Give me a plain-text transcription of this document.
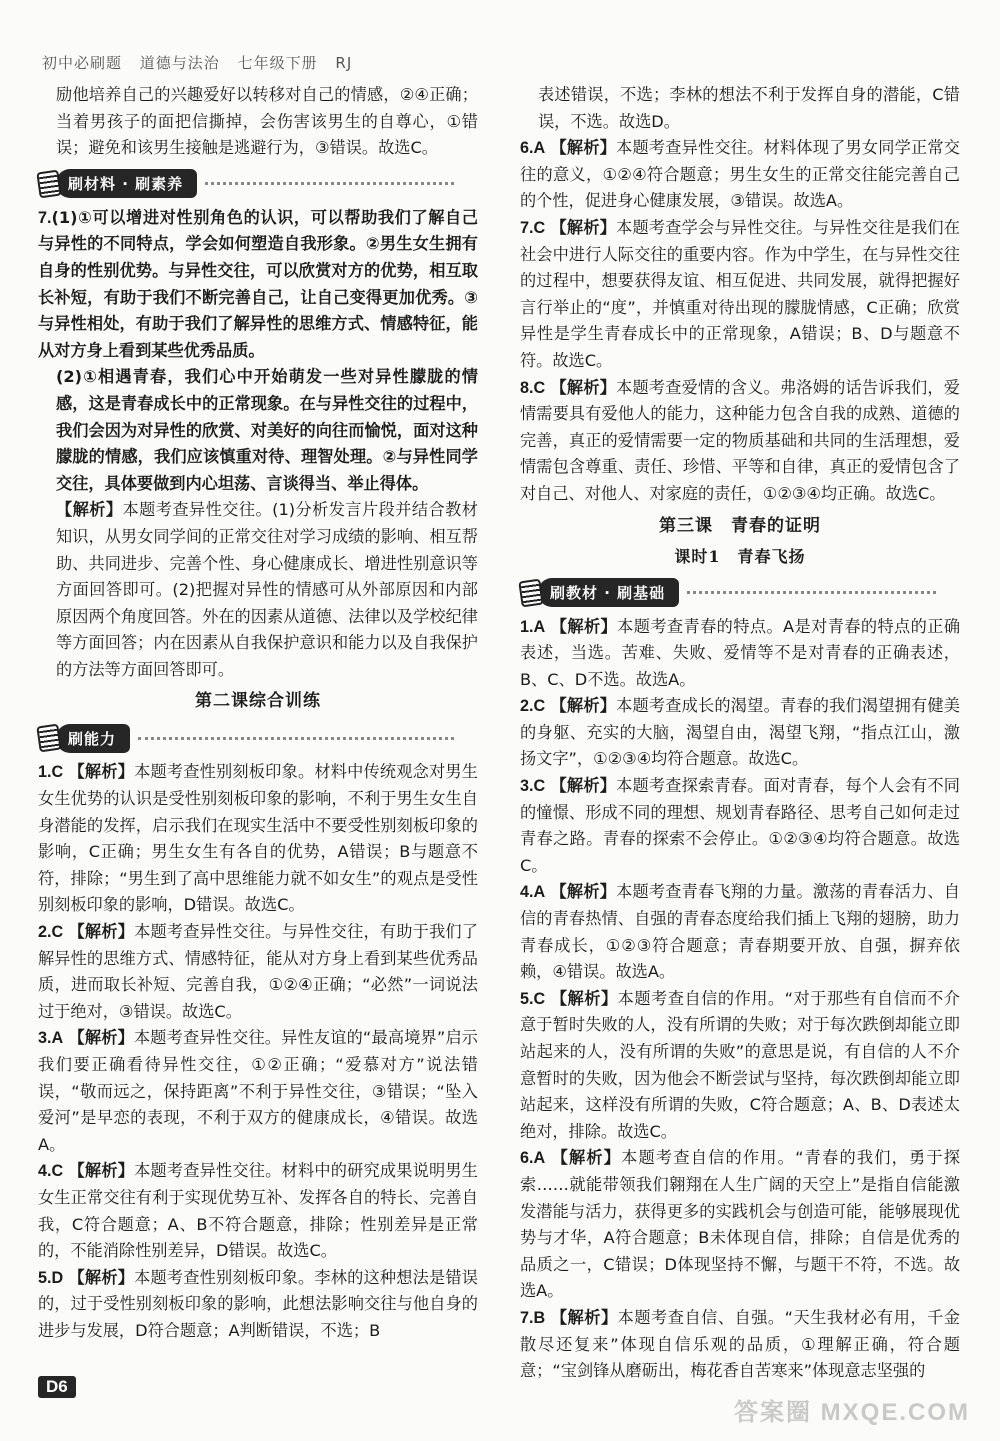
初中必刷题 道德与法治 七年级下册 RJ

励他培养自己的兴趣爱好以转移对自己的情感，②④正确；当着男孩子的面把信撕掉，会伤害该男生的自尊心，①错误；避免和该男生接触是逃避行为，③错误。故选C。

刷材料 · 刷素养

7.(1)①可以增进对性别角色的认识，可以帮助我们了解自己与异性的不同特点，学会如何塑造自我形象。②男生女生拥有自身的性别优势。与异性交往，可以欣赏对方的优势，相互取长补短，有助于我们不断完善自己，让自己变得更加优秀。③与异性相处，有助于我们了解异性的思维方式、情感特征，能从对方身上看到某些优秀品质。

(2)①相遇青春，我们心中开始萌发一些对异性朦胧的情感，这是青春成长中的正常现象。在与异性交往的过程中，我们会因为对异性的欣赏、对美好的向往而愉悦，面对这种朦胧的情感，我们应该慎重对待、理智处理。②与异性同学交往，具体要做到内心坦荡、言谈得当、举止得体。

【解析】本题考查异性交往。(1)分析发言片段并结合教材知识，从男女同学间的正常交往对学习成绩的影响、相互帮助、共同进步、完善个性、身心健康成长、增进性别意识等方面回答即可。(2)把握对异性的情感可从外部原因和内部原因两个角度回答。外在的因素从道德、法律以及学校纪律等方面回答；内在因素从自我保护意识和能力以及自我保护的方法等方面回答即可。

第二课综合训练
刷能力

1.C 【解析】本题考查性别刻板印象。材料中传统观念对男生女生优势的认识是受性别刻板印象的影响，不利于男生女生自身潜能的发挥，启示我们在现实生活中不要受性别刻板印象的影响，C正确；男生女生有各自的优势，A错误；B与题意不符，排除；“男生到了高中思维能力就不如女生”的观点是受性别刻板印象的影响，D错误。故选C。

2.C 【解析】本题考查异性交往。与异性交往，有助于我们了解异性的思维方式、情感特征，能从对方身上看到某些优秀品质，进而取长补短、完善自我，①②④正确；“必然”一词说法过于绝对，③错误。故选C。

3.A 【解析】本题考查异性交往。异性友谊的“最高境界”启示我们要正确看待异性交往，①②正确；“爱慕对方”说法错误，“敬而远之，保持距离”不利于异性交往，③错误；“坠入爱河”是早恋的表现，不利于双方的健康成长，④错误。故选A。

4.C 【解析】本题考查异性交往。材料中的研究成果说明男生女生正常交往有利于实现优势互补、发挥各自的特长、完善自我，C符合题意；A、B不符合题意，排除；性别差异是正常的，不能消除性别差异，D错误。故选C。

5.D 【解析】本题考查性别刻板印象。李林的这种想法是错误的，过于受性别刻板印象的影响，此想法影响交往与他自身的进步与发展，D符合题意；A判断错误，不选；B

表述错误，不选；李林的想法不利于发挥自身的潜能，C错误，不选。故选D。

6.A 【解析】本题考查异性交往。材料体现了男女同学正常交往的意义，①②④符合题意；男生女生的正常交往能完善自己的个性，促进身心健康发展，③错误。故选A。

7.C 【解析】本题考查学会与异性交往。与异性交往是我们在社会中进行人际交往的重要内容。作为中学生，在与异性交往的过程中，想要获得友谊、相互促进、共同发展，就得把握好言行举止的“度”，并慎重对待出现的朦胧情感，C正确；欣赏异性是学生青春成长中的正常现象，A错误；B、D与题意不符。故选C。

8.C 【解析】本题考查爱情的含义。弗洛姆的话告诉我们，爱情需要具有爱他人的能力，这种能力包含自我的成熟、道德的完善，真正的爱情需要一定的物质基础和共同的生活理想，爱情需包含尊重、责任、珍惜、平等和自律，真正的爱情包含了对自己、对他人、对家庭的责任，①②③④均正确。故选C。

第三课　青春的证明
课时1　青春飞扬
刷教材 · 刷基础

1.A 【解析】本题考查青春的特点。A是对青春的特点的正确表述，当选。苦难、失败、爱情等不是对青春的正确表述，B、C、D不选。故选A。

2.C 【解析】本题考查成长的渴望。青春的我们渴望拥有健美的身躯、充实的大脑，渴望自由，渴望飞翔，“指点江山，激扬文字”，①②③④均符合题意。故选C。

3.C 【解析】本题考查探索青春。面对青春，每个人会有不同的憧憬、形成不同的理想、规划青春路径、思考自己如何走过青春之路。青春的探索不会停止。①②③④均符合题意。故选C。

4.A 【解析】本题考查青春飞翔的力量。激荡的青春活力、自信的青春热情、自强的青春态度给我们插上飞翔的翅膀，助力青春成长，①②③符合题意；青春期要开放、自强，摒弃依赖，④错误。故选A。

5.C 【解析】本题考查自信的作用。“对于那些有自信而不介意于暂时失败的人，没有所谓的失败；对于每次跌倒却能立即站起来的人，没有所谓的失败”的意思是说，有自信的人不介意暂时的失败，因为他会不断尝试与坚持，每次跌倒却能立即站起来，这样没有所谓的失败，C符合题意；A、B、D表述太绝对，排除。故选C。

6.A 【解析】本题考查自信的作用。“青春的我们，勇于探索……就能带领我们翱翔在人生广阔的天空上”是指自信能激发潜能与活力，获得更多的实践机会与创造可能，能够展现优势与才华，A符合题意；B未体现自信，排除；自信是优秀的品质之一，C错误；D体现坚持不懈，与题干不符，不选。故选A。

7.B 【解析】本题考查自信、自强。“天生我材必有用，千金散尽还复来”体现自信乐观的品质，①理解正确，符合题意；“宝剑锋从磨砺出，梅花香自苦寒来”体现意志坚强的

D6
答案圈 MXQE.COM
